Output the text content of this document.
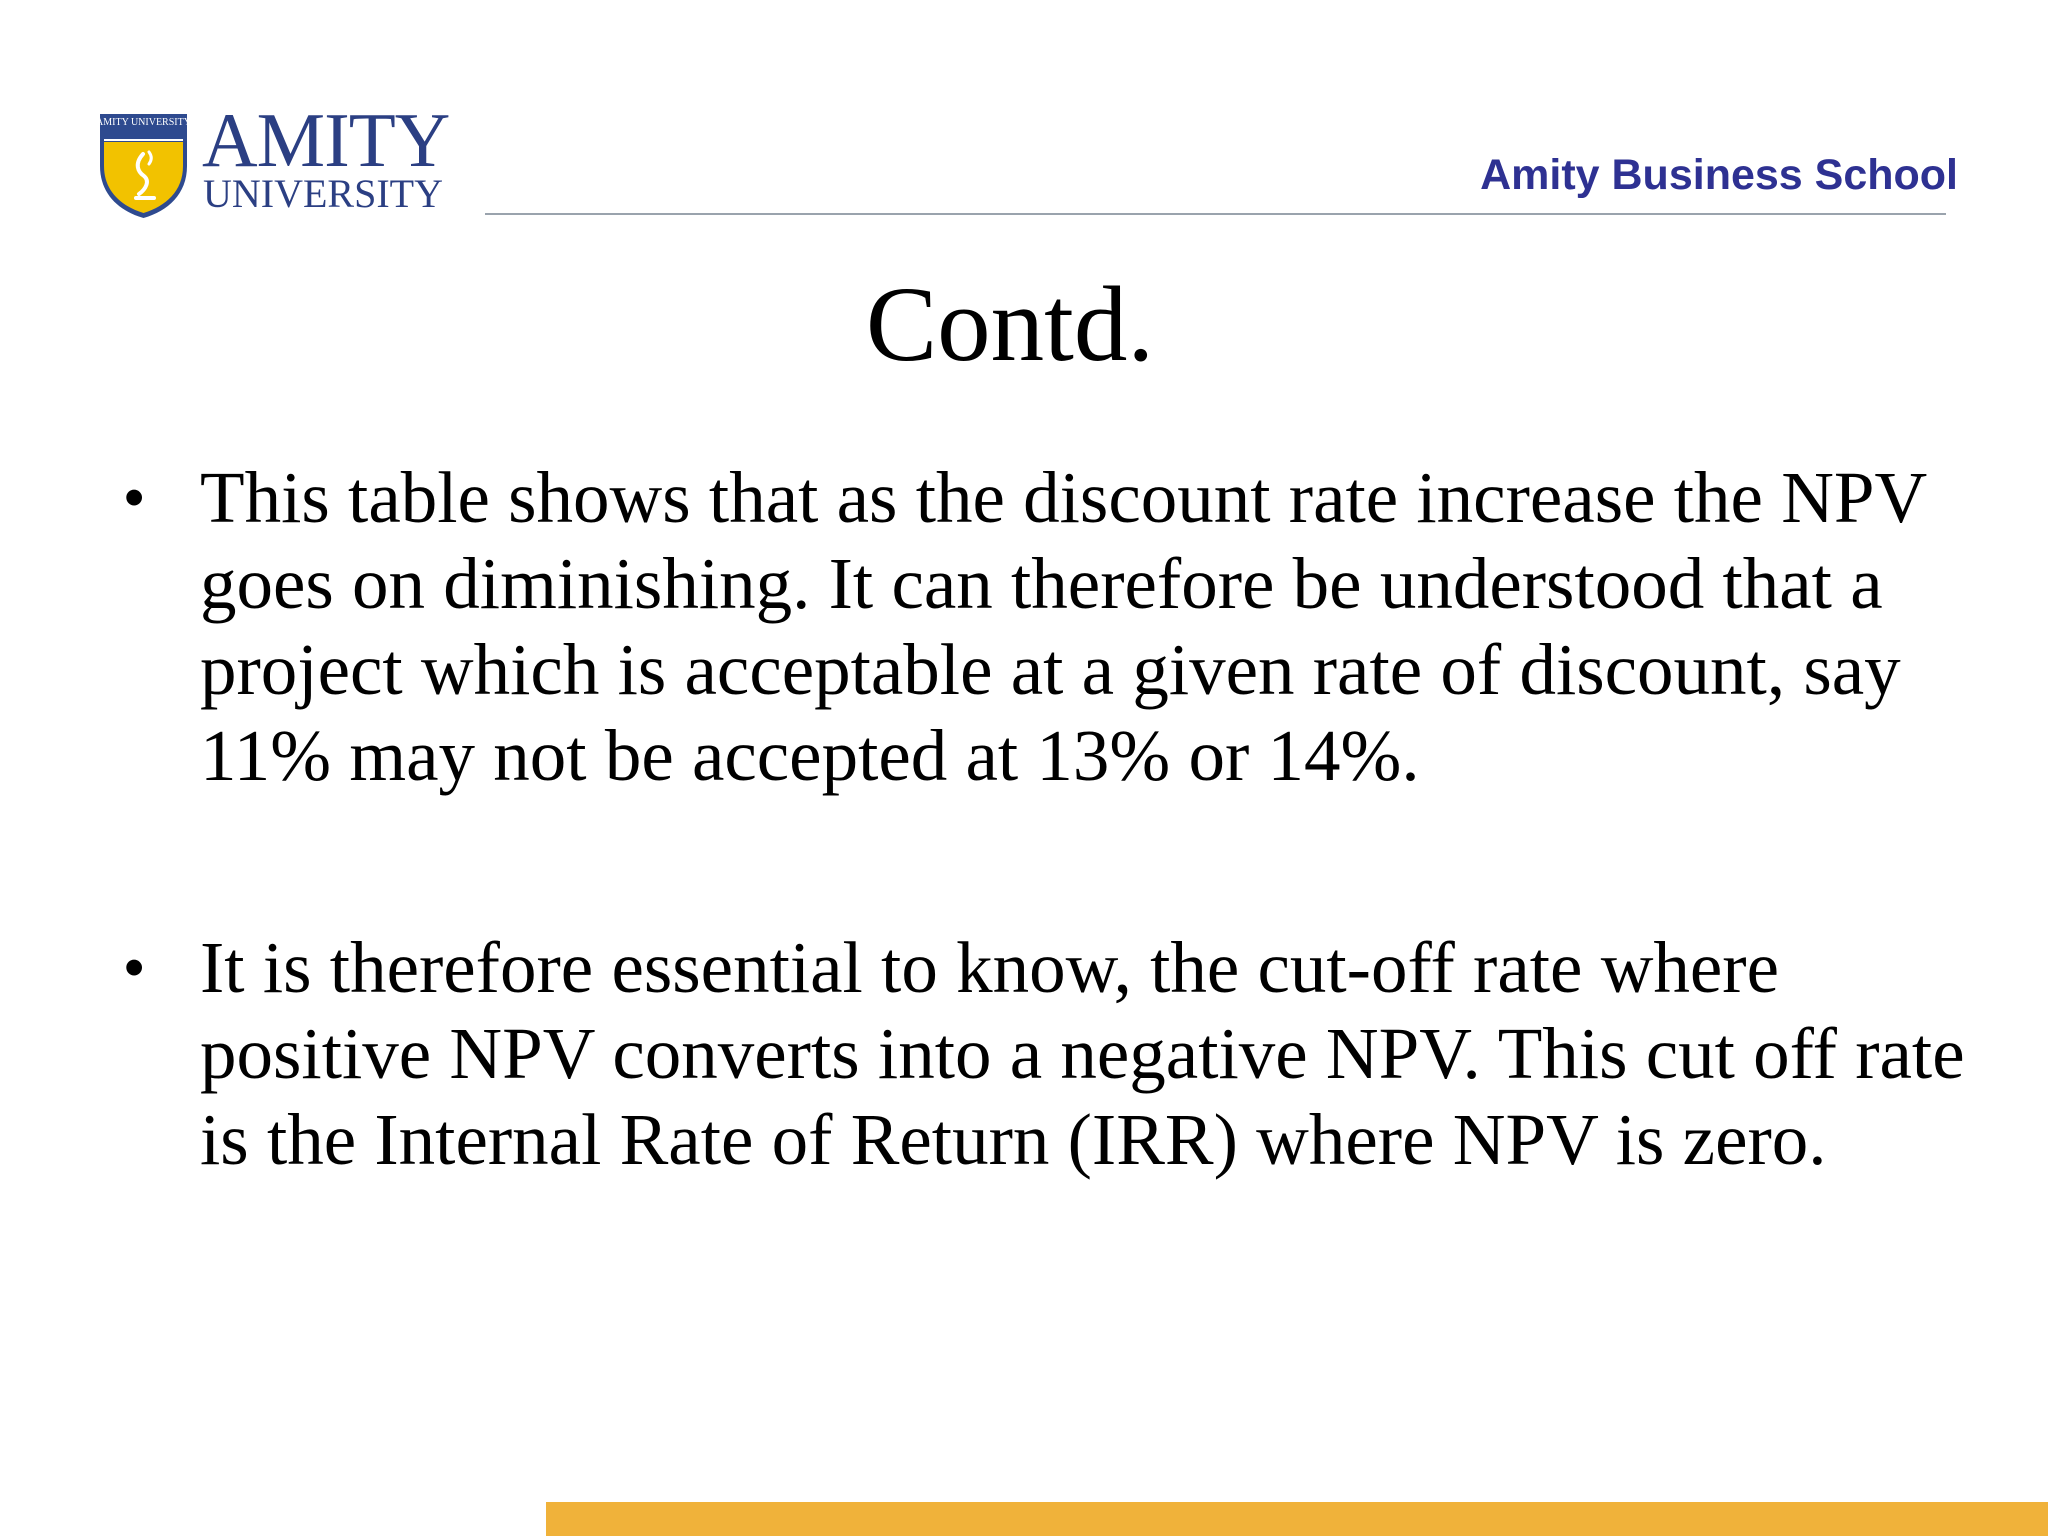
AMITY UNIVERSITY AMITY
UNIVERSITY	Amity Business School
Contd.
• This table shows that as the discount rate increase the NPV goes on diminishing. It can therefore be understood that a project which is acceptable at a given rate of discount, say 11% may not be accepted at 13% or 14%.
• It is therefore essential to know, the cut-off rate where positive NPV converts into a negative NPV. This cut off rate is the Internal Rate of Return (IRR) where NPV is zero.
